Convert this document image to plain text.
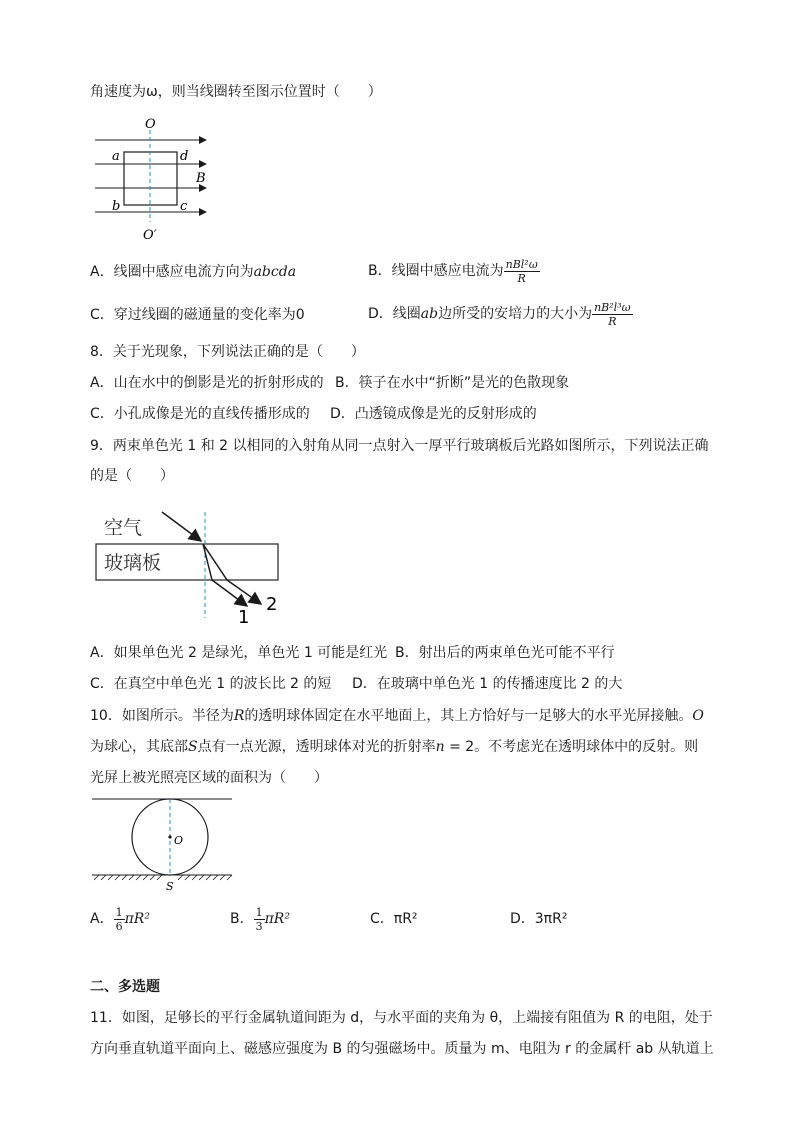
角速度为ω，则当线圈转至图示位置时（　　）
O
O′
a
b	c
d
B
A．线圈中感应电流方向为abcda	B．线圈中感应电流为 $\frac{\text{nBl²ω}}{R}$
C．穿过线圈的磁通量的变化率为0	D．线圈ab边所受的安培力的大小为 $\frac{\text{nB²l³ω}}{R}$
8．关于光现象，下列说法正确的是（　　）
A．山在水中的倒影是光的折射形成的 B．筷子在水中“折断”是光的色散现象
C．小孔成像是光的直线传播形成的 D．凸透镜成像是光的反射形成的
9．两束单色光 1 和 2 以相同的入射角从同一点射入一厚平行玻璃板后光路如图所示，下列说法正确
的是（　　）
空气
玻璃板
1
2
A．如果单色光 2 是绿光，单色光 1 可能是红光 B．射出后的两束单色光可能不平行
C．在真空中单色光 1 的波长比 2 的短 D．在玻璃中单色光 1 的传播速度比 2 的大
10．如图所示。半径为R的透明球体固定在水平地面上，其上方恰好与一足够大的水平光屏接触。O
为球心，其底部S点有一点光源，透明球体对光的折射率n = 2。不考虑光在透明球体中的反射。则
光屏上被光照亮区域的面积为（　　）
O
S
A． $\frac{1}{6} \pi R^2$	B． $\frac{1}{3} \pi R^2$	C．πR²	D．3πR²
二、多选题
11．如图，足够长的平行金属轨道间距为 d，与水平面的夹角为 θ，上端接有阻值为 R 的电阻，处于
方向垂直轨道平面向上、磁感应强度为 B 的匀强磁场中。质量为 m、电阻为 r 的金属杆 ab 从轨道上
